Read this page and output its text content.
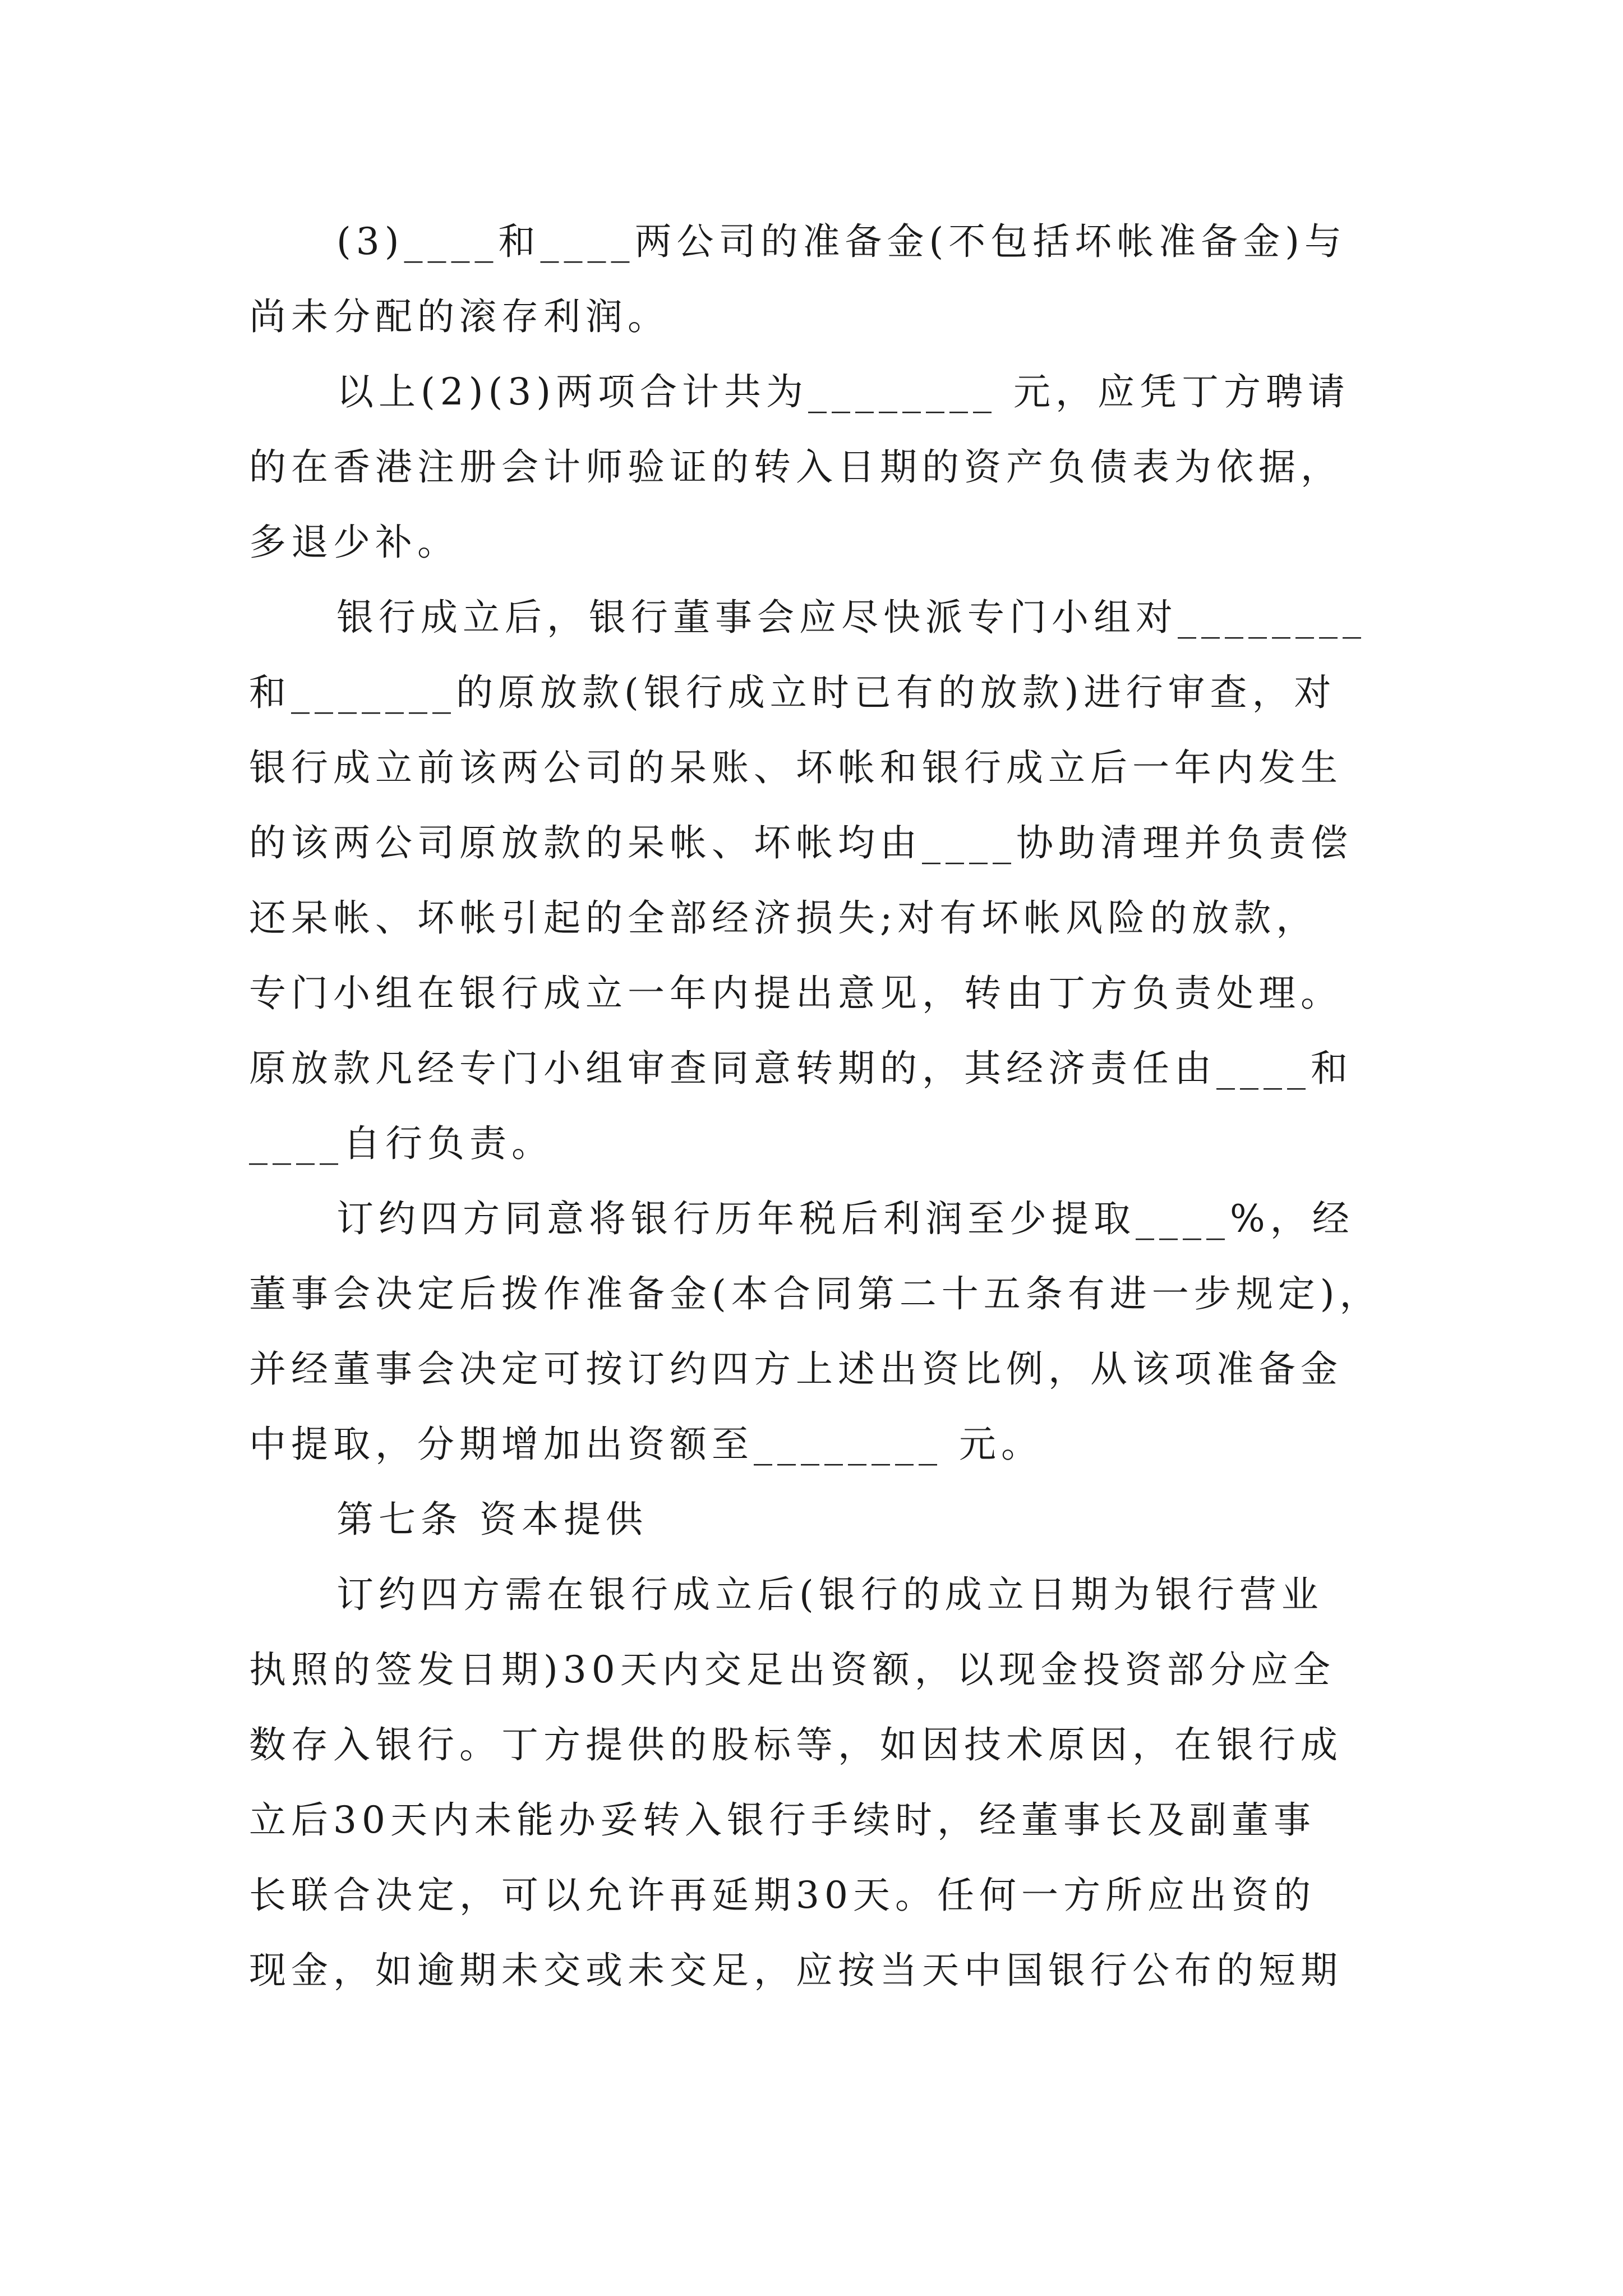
(3)____和____两公司的准备金(不包括坏帐准备金)与
尚未分配的滚存利润。
以上(2)(3)两项合计共为________ 元，应凭丁方聘请
的在香港注册会计师验证的转入日期的资产负债表为依据，
多退少补。
银行成立后，银行董事会应尽快派专门小组对________
和_______的原放款(银行成立时已有的放款)进行审查，对
银行成立前该两公司的呆账、坏帐和银行成立后一年内发生
的该两公司原放款的呆帐、坏帐均由____协助清理并负责偿
还呆帐、坏帐引起的全部经济损失;对有坏帐风险的放款，
专门小组在银行成立一年内提出意见，转由丁方负责处理。
原放款凡经专门小组审查同意转期的，其经济责任由____和
____自行负责。
订约四方同意将银行历年税后利润至少提取____%，经
董事会决定后拨作准备金(本合同第二十五条有进一步规定)，
并经董事会决定可按订约四方上述出资比例，从该项准备金
中提取，分期增加出资额至________ 元。
第七条 资本提供
订约四方需在银行成立后(银行的成立日期为银行营业
执照的签发日期)30天内交足出资额，以现金投资部分应全
数存入银行。丁方提供的股标等，如因技术原因，在银行成
立后30天内未能办妥转入银行手续时，经董事长及副董事
长联合决定，可以允许再延期30天。任何一方所应出资的
现金，如逾期未交或未交足，应按当天中国银行公布的短期
